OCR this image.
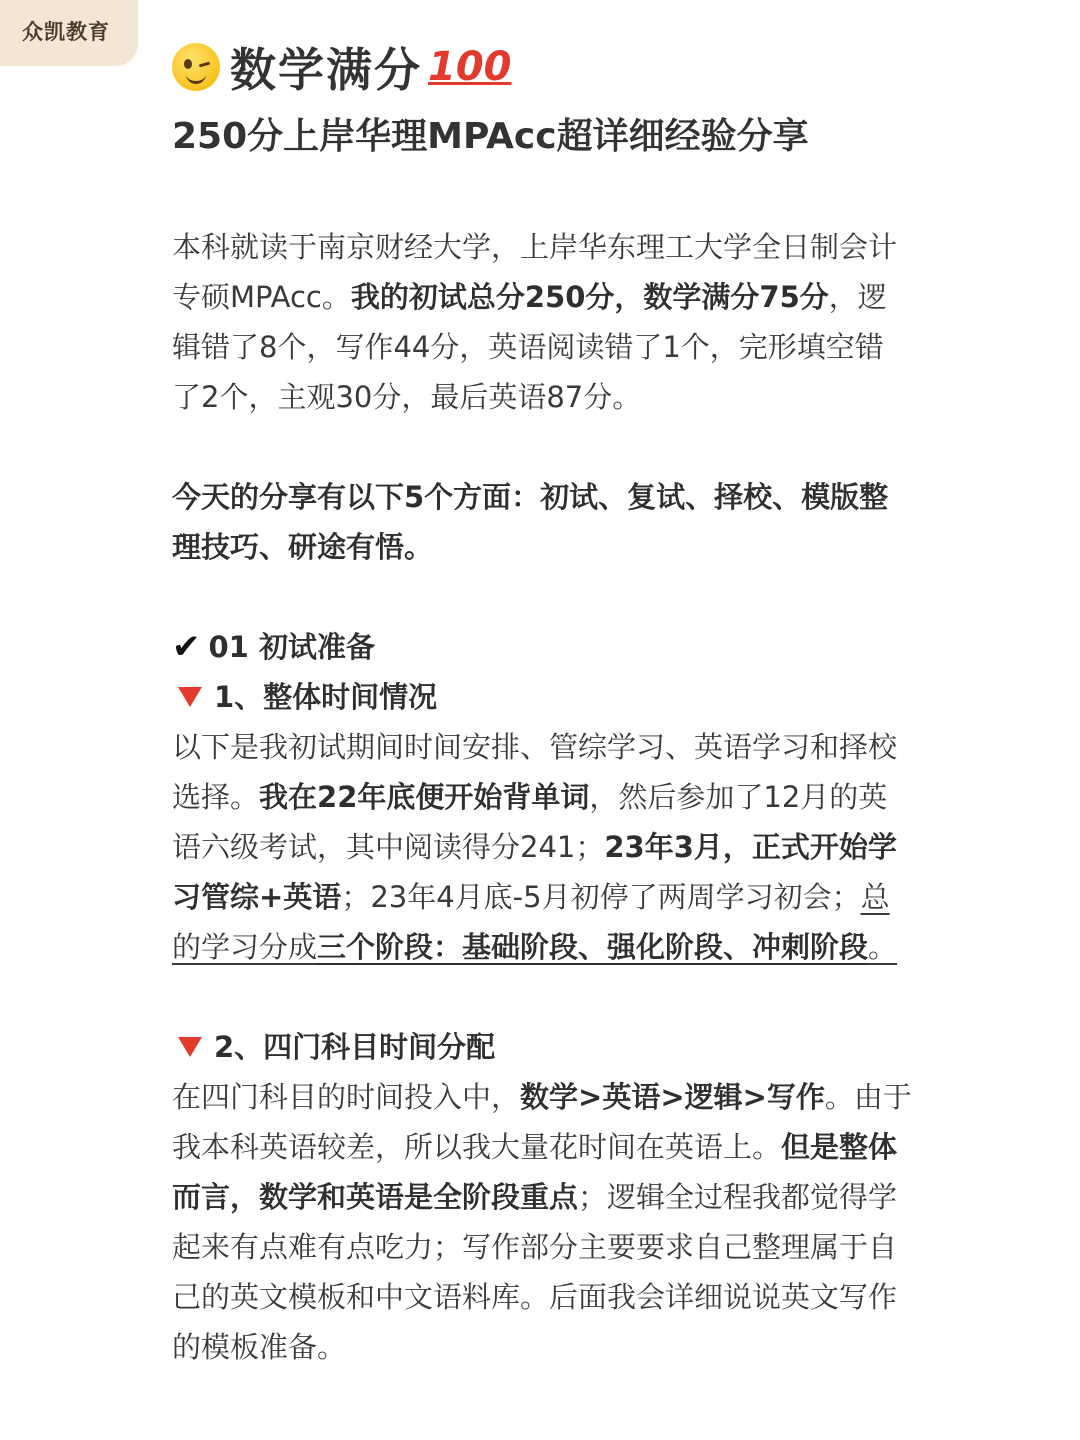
众凯教育
数学满分 100
250分上岸华理MPAcc超详细经验分享

本科就读于南京财经大学，上岸华东理工大学全日制会计专硕MPAcc。我的初试总分250分，数学满分75分，逻辑错了8个，写作44分，英语阅读错了1个，完形填空错了2个，主观30分，最后英语87分。

今天的分享有以下5个方面：初试、复试、择校、模版整理技巧、研途有悟。

✔ 01 初试准备
1、整体时间情况

以下是我初试期间时间安排、管综学习、英语学习和择校选择。我在22年底便开始背单词，然后参加了12月的英语六级考试，其中阅读得分241；23年3月，正式开始学习管综+英语；23年4月底-5月初停了两周学习初会；总的学习分成三个阶段：基础阶段、强化阶段、冲刺阶段。

2、四门科目时间分配

在四门科目的时间投入中，数学>英语>逻辑>写作。由于我本科英语较差，所以我大量花时间在英语上。但是整体而言，数学和英语是全阶段重点；逻辑全过程我都觉得学起来有点难有点吃力；写作部分主要要求自己整理属于自己的英文模板和中文语料库。后面我会详细说说英文写作的模板准备。
